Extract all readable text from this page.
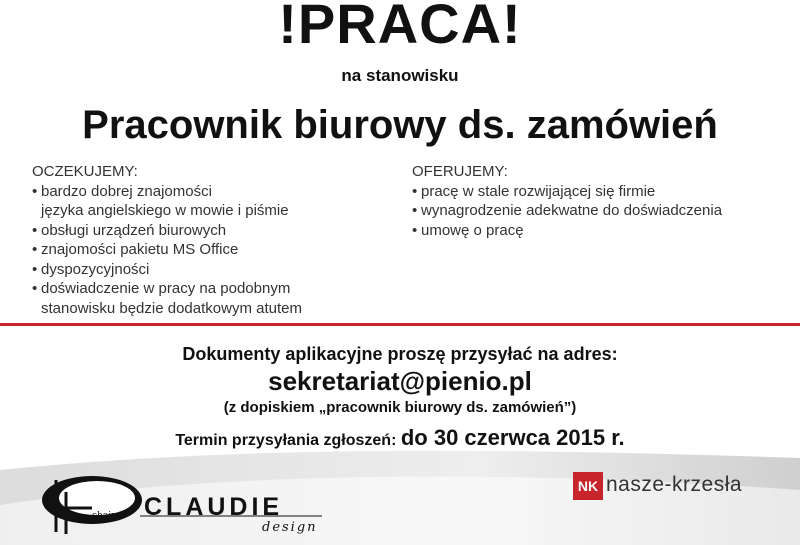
!PRACA!
na stanowisku
Pracownik biurowy ds. zamówień
OCZEKUJEMY:
• bardzo dobrej znajomości
języka angielskiego w mowie i piśmie
• obsługi urządzeń biurowych
• znajomości pakietu MS Office
• dyspozycyjności
• doświadczenie w pracy na podobnym
stanowisku będzie dodatkowym atutem
OFERUJEMY:
• pracę w stale rozwijającej się firmie
• wynagrodzenie adekwatne do doświadczenia
• umowę o pracę
Dokumenty aplikacyjne proszę przysyłać na adres:
sekretariat@pienio.pl
(z dopiskiem „pracownik biurowy ds. zamówień”)
Termin przysyłania zgłoszeń: do 30 czerwca 2015 r.
CLAUDIE
design
chairs
NK nasze-krzesła
